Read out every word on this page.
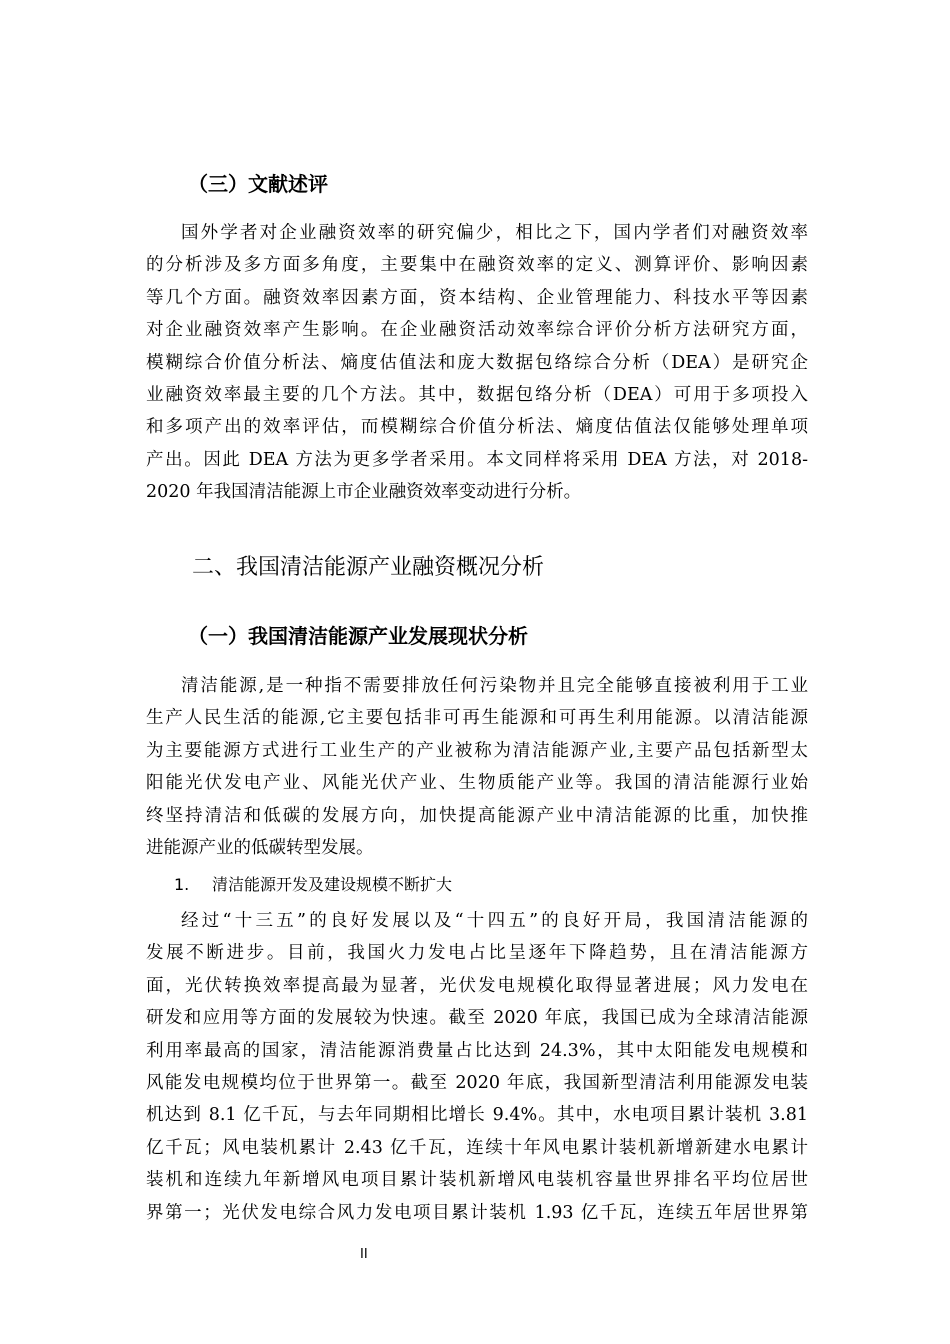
（三）文献述评
国外学者对企业融资效率的研究偏少，相比之下，国内学者们对融资效率
的分析涉及多方面多角度，主要集中在融资效率的定义、测算评价、影响因素
等几个方面。融资效率因素方面，资本结构、企业管理能力、科技水平等因素
对企业融资效率产生影响。在企业融资活动效率综合评价分析方法研究方面，
模糊综合价值分析法、熵度估值法和庞大数据包络综合分析（DEA）是研究企
业融资效率最主要的几个方法。其中，数据包络分析（DEA）可用于多项投入
和多项产出的效率评估，而模糊综合价值分析法、熵度估值法仅能够处理单项
产出。因此 DEA 方法为更多学者采用。本文同样将采用 DEA 方法，对 2018-
2020 年我国清洁能源上市企业融资效率变动进行分析。
二、我国清洁能源产业融资概况分析
（一）我国清洁能源产业发展现状分析
清洁能源,是一种指不需要排放任何污染物并且完全能够直接被利用于工业
生产人民生活的能源,它主要包括非可再生能源和可再生利用能源。以清洁能源
为主要能源方式进行工业生产的产业被称为清洁能源产业,主要产品包括新型太
阳能光伏发电产业、风能光伏产业、生物质能产业等。我国的清洁能源行业始
终坚持清洁和低碳的发展方向，加快提高能源产业中清洁能源的比重，加快推
进能源产业的低碳转型发展。
1. 清洁能源开发及建设规模不断扩大
经过“十三五”的良好发展以及“十四五”的良好开局，我国清洁能源的
发展不断进步。目前，我国火力发电占比呈逐年下降趋势，且在清洁能源方
面，光伏转换效率提高最为显著，光伏发电规模化取得显著进展；风力发电在
研发和应用等方面的发展较为快速。截至 2020 年底，我国已成为全球清洁能源
利用率最高的国家，清洁能源消费量占比达到 24.3%，其中太阳能发电规模和
风能发电规模均位于世界第一。截至 2020 年底，我国新型清洁利用能源发电装
机达到 8.1 亿千瓦，与去年同期相比增长 9.4%。其中，水电项目累计装机 3.81
亿千瓦；风电装机累计 2.43 亿千瓦，连续十年风电累计装机新增新建水电累计
装机和连续九年新增风电项目累计装机新增风电装机容量世界排名平均位居世
界第一；光伏发电综合风力发电项目累计装机 1.93 亿千瓦，连续五年居世界第
II
